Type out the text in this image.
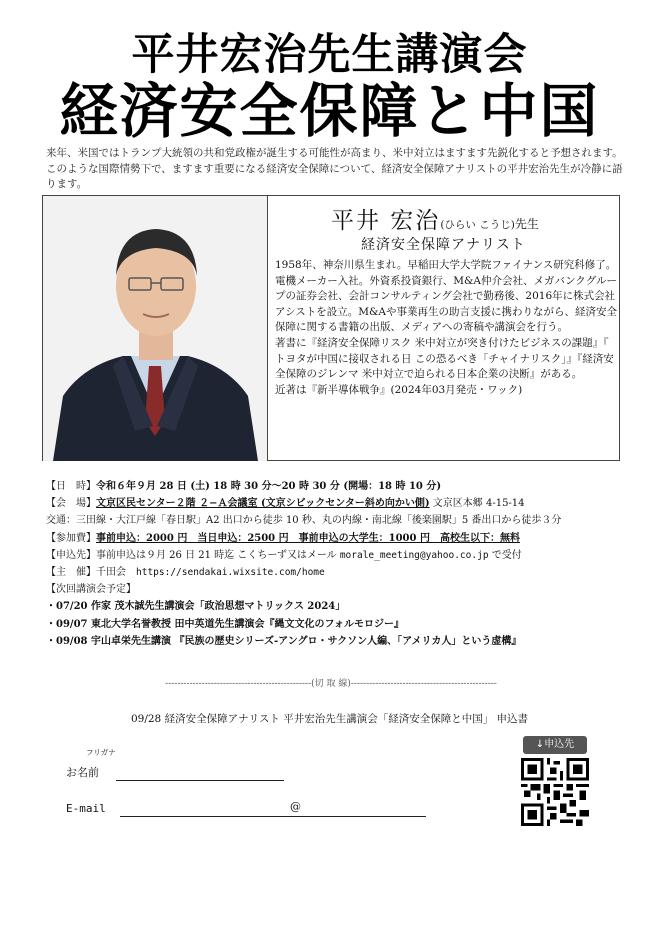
平井宏治先生講演会
経済安全保障と中国
来年、米国ではトランプ大統領の共和党政権が誕生する可能性が高まり、米中対立はますます先鋭化すると予想されます。このような国際情勢下で、ますます重要になる経済安全保障について、経済安全保障アナリストの平井宏治先生が冷静に語ります。
平井 宏治(ひらい こうじ)先生
経済安全保障アナリスト
1958年、神奈川県生まれ。早稲田大学大学院ファイナンス研究科修了。電機メーカー入社。外資系投資銀行、M&A仲介会社、メガバンクグループの証券会社、会計コンサルティング会社で勤務後、2016年に株式会社アシストを設立。M&Aや事業再生の助言支援に携わりながら、経済安全保障に関する書籍の出版、メディアへの寄稿や講演会を行う。
著書に『経済安全保障リスク 米中対立が突き付けたビジネスの課題』『 トヨタが中国に接収される日 この恐るべき「チャイナリスク」』『経済安全保障のジレンマ 米中対立で迫られる日本企業の決断』がある。
近著は『新半導体戦争』(2024年03月発売・ワック)
【日　時】令和６年９月 28 日 (土) 18 時 30 分〜20 時 30 分 (開場：18 時 10 分)
【会　場】文京区民センター２階 ２−Ａ会議室 (文京シビックセンター斜め向かい側) 文京区本郷 4-15-14
交通：三田線・大江戸線「春日駅」A2 出口から徒歩 10 秒、丸の内線・南北線「後楽園駅」5 番出口から徒歩３分
【参加費】事前申込：2000 円　当日申込：2500 円　事前申込の大学生：1000 円　高校生以下：無料
【申込先】事前申込は９月 26 日 21 時迄 こくちーず又はメール morale_meeting@yahoo.co.jp で受付
【主　催】千田会　https://sendakai.wixsite.com/home
【次回講演会予定】
・07/20 作家 茂木誠先生講演会「政治思想マトリックス 2024」
・09/07 東北大学名誉教授 田中英道先生講演会『縄文文化のフォルモロジー』
・09/08 宇山卓栄先生講演 『民族の歴史シリーズ-アングロ・サクソン人編、「アメリカ人」という虚構』
------------------------------------------------(切 取 線)------------------------------------------------
09/28 経済安全保障アナリスト 平井宏治先生講演会「経済安全保障と中国」 申込書
フリガナ
お名前
E-mail	@
↓申込先
